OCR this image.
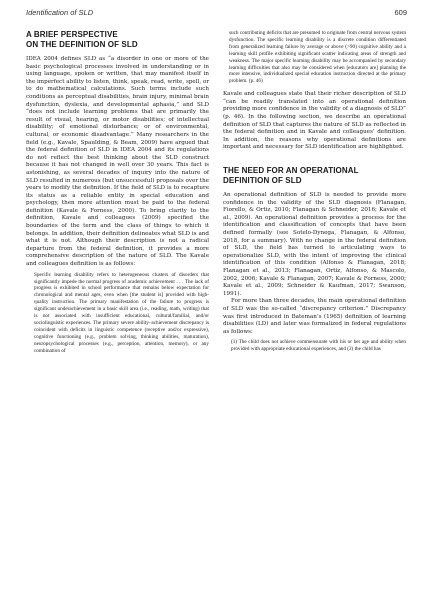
Identification of SLD	609
A BRIEF PERSPECTIVE
ON THE DEFINITION OF SLD

IDEA 2004 defines SLD as “a disorder in one or more of the basic psychological processes involved in understanding or in using language, spoken or written, that may manifest itself in the imperfect ability to listen, think, speak, read, write, spell, or to do mathematical calculations. Such terms include such conditions as perceptual disabilities, brain injury, minimal brain dysfunction, dyslexia, and developmental aphasia,” and SLD “does not include learning problems that are primarily the result of visual, hearing, or motor disabilities; of intellectual disability; of emotional disturbance; or of environmental, cultural, or economic disadvantage.” Many researchers in the field (e.g., Kavale, Spaulding, & Beam, 2009) have argued that the federal definition of SLD in IDEA 2004 and its regulations do not reflect the best thinking about the SLD construct because it has not changed in well over 30 years. This fact is astonishing, as several decades of inquiry into the nature of SLD resulted in numerous (but unsuccessful) proposals over the years to modify the definition. If the field of SLD is to recapture its status as a reliable entity in special education and psychology, then more attention must be paid to the federal definition (Kavale & Forness, 2000). To bring clarity to the definition, Kavale and colleagues (2009) specified the boundaries of the term and the class of things to which it belongs. In addition, their definition delineates what SLD is and what it is not. Although their description is not a radical departure from the federal definition, it provides a more comprehensive description of the nature of SLD. The Kavale and colleagues definition is as follows:

Specific learning disability refers to heterogeneous clusters of disorders that significantly impede the normal progress of academic achievement . . . The lack of progress is exhibited in school performance that remains below expectation for chronological and mental ages, even when [the student is] provided with high-quality instruction. The primary manifestation of the failure to progress is significant underachievement in a basic skill area (i.e., reading, math, writing) that is not associated with insufficient educational, cultural/familial, and/or sociolinguistic experiences. The primary severe ability–achievement discrepancy is coincident with deficits in linguistic competence (receptive and/or expressive), cognitive functioning (e.g., problem solving, thinking abilities, maturation), neuropsychological processes (e.g., perception, attention, memory), or any combination of

such contributing deficits that are presumed to originate from central nervous system dysfunction. The specific learning disability is a discrete condition differentiated from generalized learning failure by average or above (>90) cognitive ability and a learning skill profile exhibiting significant scatter indicating areas of strength and weakness. The major specific learning disability may be accompanied by secondary learning difficulties that also may be considered when [educators are] planning the more intensive, individualized special education instruction directed at the primary problem. (p. 46)

Kavale and colleagues state that their richer description of SLD “can be readily translated into an operational definition providing more confidence in the validity of a diagnosis of SLD” (p. 46). In the following section, we describe an operational definition of SLD that captures the nature of SLD as reflected in the federal definition and in Kavale and colleagues’ definition. In addition, the reasons why operational definitions are important and necessary for SLD identification are highlighted.

THE NEED FOR AN OPERATIONAL
DEFINITION OF SLD

An operational definition of SLD is needed to provide more confidence in the validity of the SLD diagnosis (Flanagan, Fiorello, & Ortiz, 2010; Flanagan & Schneider, 2016; Kavale et al., 2009). An operational definition provides a process for the identification and classification of concepts that have been defined formally (see Sotelo-Dynega, Flanagan, & Alfonso, 2018, for a summary). With no change in the federal definition of SLD, the field has turned to articulating ways to operationalize SLD, with the intent of improving the clinical identification of this condition (Alfonso & Flanagan, 2018; Flanagan et al., 2013; Flanagan, Ortiz, Alfonso, & Mascolo, 2002, 2006; Kavale & Flanagan, 2007; Kavale & Forness, 2000; Kavale et al., 2009; Schneider & Kaufman, 2017; Swanson, 1991).

For more than three decades, the main operational definition of SLD was the so-called “discrepancy criterion.” Discrepancy was first introduced in Bateman’s (1965) definition of learning disabilities (LD) and later was formalized in federal regulations as follows:

(1) The child does not achieve commensurate with his or her age and ability when provided with appropriate educational experiences, and (2) the child has
